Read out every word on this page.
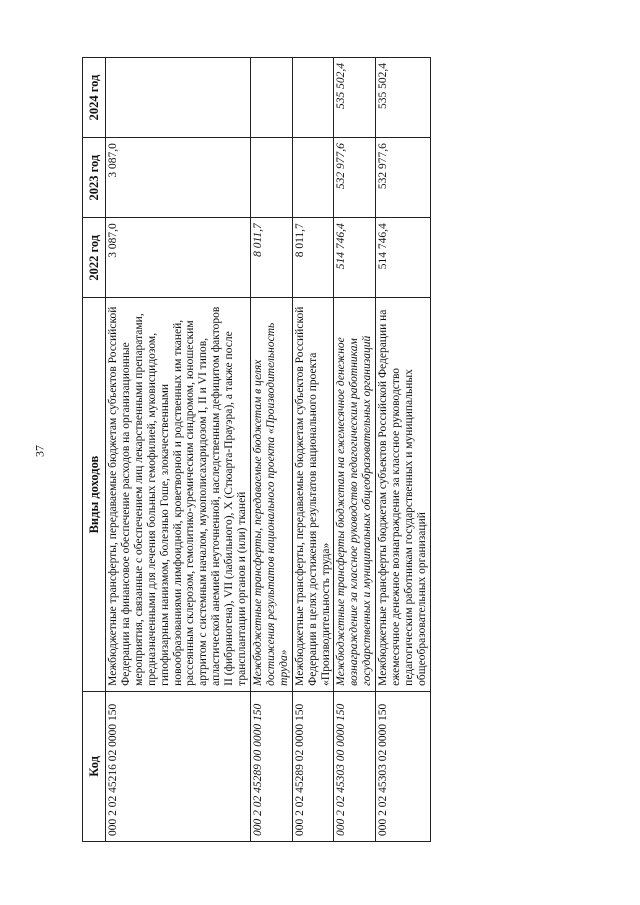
37
Код	Виды доходов	2022 год	2023 год	2024 год
000 2 02 45216 02 0000 150	Межбюджетные трансферты, передаваемые бюджетам субъектов Российской Федерации на финансовое обеспечение расходов на организационные мероприятия, связанные с обеспечением лиц лекарственными препаратами, предназначенными для лечения больных гемофилией, муковисцидозом, гипофизарным нанизмом, болезнью Гоше, злокачественными новообразованиями лимфоидной, кроветворной и родственных им тканей, рассеянным склерозом, гемолитико-уремическим синдромом, юношеским артритом с системным началом, мукополисахаридозом I, II и VI типов, апластической анемией неуточненной, наследственным дефицитом факторов II (фибриногена), VII (лабильного), X (Стюарта-Прауэра), а также после трансплантации органов и (или) тканей	3 087,0	3 087,0	
000 2 02 45289 00 0000 150	Межбюджетные трансферты, передаваемые бюджетам в целях достижения результатов национального проекта «Производительность труда»	8 011,7		
000 2 02 45289 02 0000 150	Межбюджетные трансферты, передаваемые бюджетам субъектов Российской Федерации в целях достижения результатов национального проекта «Производительность труда»	8 011,7		
000 2 02 45303 00 0000 150	Межбюджетные трансферты бюджетам на ежемесячное денежное вознаграждение за классное руководство педагогическим работникам государственных и муниципальных общеобразовательных организаций	514 746,4	532 977,6	535 502,4
000 2 02 45303 02 0000 150	Межбюджетные трансферты бюджетам субъектов Российской Федерации на ежемесячное денежное вознаграждение за классное руководство педагогическим работникам государственных и муниципальных общеобразовательных организаций	514 746,4	532 977,6	535 502,4
